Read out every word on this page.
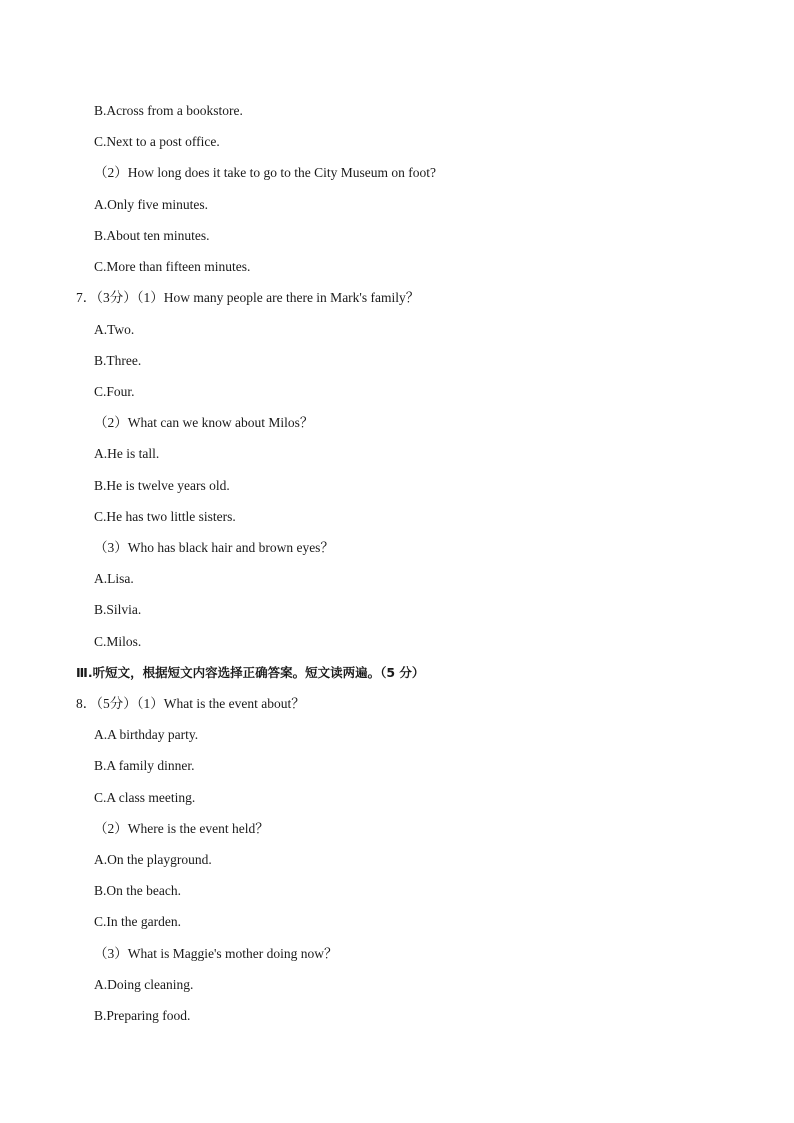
B.Across from a bookstore.
C.Next to a post office.
（2）How long does it take to go to the City Museum on foot?
A.Only five minutes.
B.About ten minutes.
C.More than fifteen minutes.
7．（3分）（1）How many people are there in Mark's family？
A.Two.
B.Three.
C.Four.
（2）What can we know about Milos？
A.He is tall.
B.He is twelve years old.
C.He has two little sisters.
（3）Who has black hair and brown eyes？
A.Lisa.
B.Silvia.
C.Milos.
Ⅲ.听短文，根据短文内容选择正确答案。短文读两遍。（5 分）
8．（5分）（1）What is the event about？
A.A birthday party.
B.A family dinner.
C.A class meeting.
（2）Where is the event held？
A.On the playground.
B.On the beach.
C.In the garden.
（3）What is Maggie's mother doing now？
A.Doing cleaning.
B.Preparing food.
